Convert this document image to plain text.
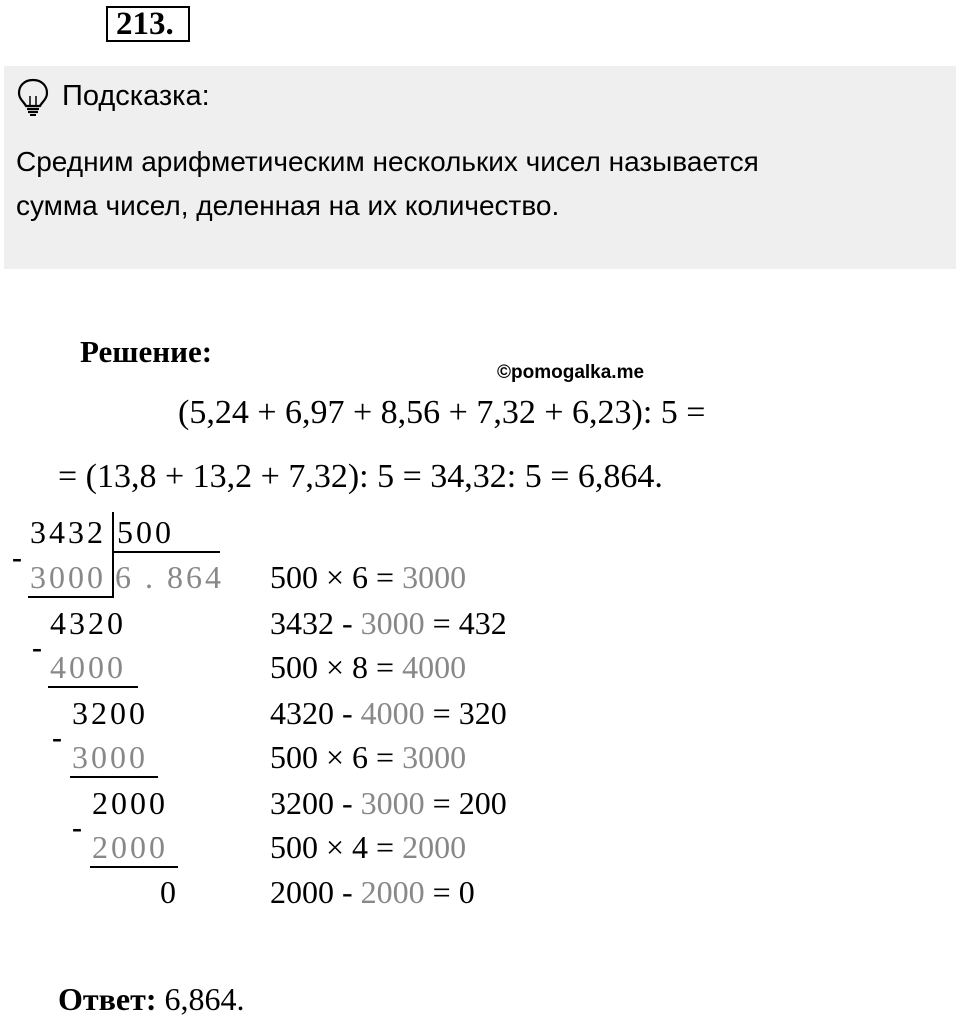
213.
Подсказка:
Средним арифметическим нескольких чисел называется
сумма чисел, деленная на их количество.
Решение:
©pomogalka.me
(5,24 + 6,97 + 8,56 + 7,32 + 6,23): 5 =
= (13,8 + 13,2 + 7,32): 5 = 34,32: 5 = 6,864.
3432 500
6 . 864
-
3000
4320
-
4000
3200
-
3000
2000
-
2000
0
500 × 6 = 3000
3432 - 3000 = 432
500 × 8 = 4000
4320 - 4000 = 320
500 × 6 = 3000
3200 - 3000 = 200
500 × 4 = 2000
2000 - 2000 = 0
Ответ: 6,864.
